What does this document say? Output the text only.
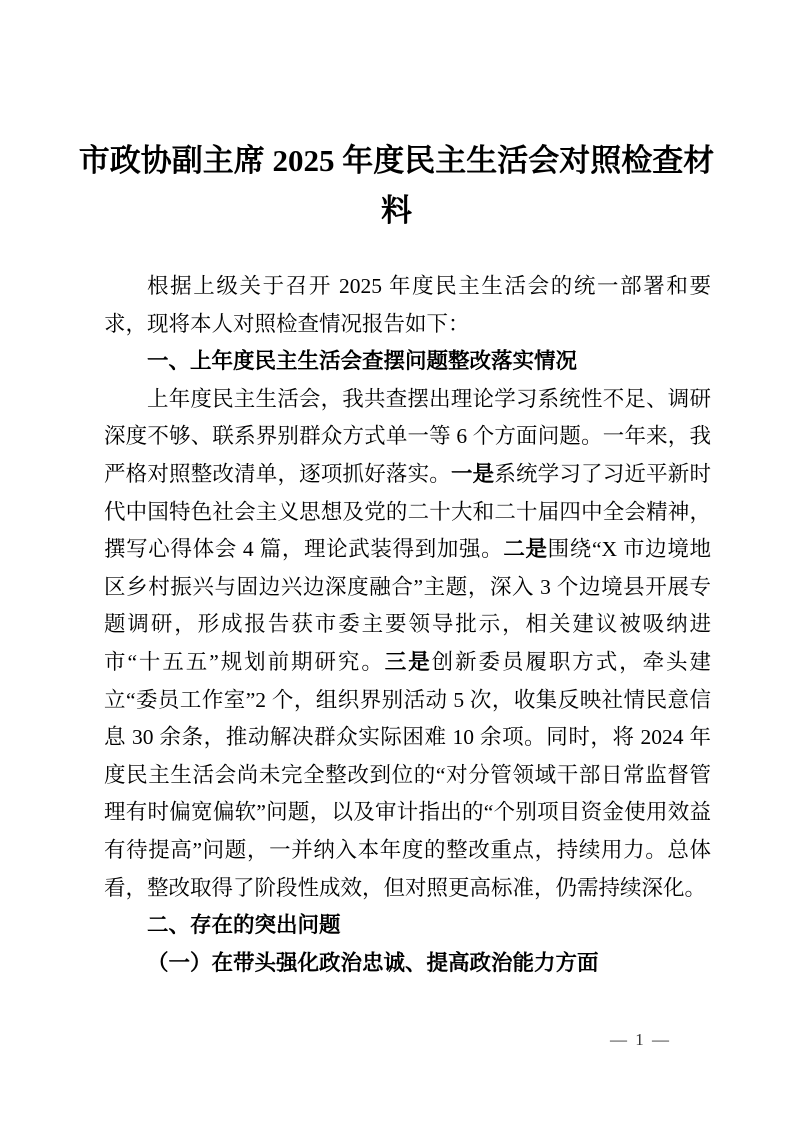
市政协副主席 2025 年度民主生活会对照检查材料

根据上级关于召开 2025 年度民主生活会的统一部署和要求，现将本人对照检查情况报告如下：

一、上年度民主生活会查摆问题整改落实情况

上年度民主生活会，我共查摆出理论学习系统性不足、调研深度不够、联系界别群众方式单一等 6 个方面问题。一年来，我严格对照整改清单，逐项抓好落实。一是系统学习了习近平新时代中国特色社会主义思想及党的二十大和二十届四中全会精神，撰写心得体会 4 篇，理论武装得到加强。二是围绕“X 市边境地区乡村振兴与固边兴边深度融合”主题，深入 3 个边境县开展专题调研，形成报告获市委主要领导批示，相关建议被吸纳进市“十五五”规划前期研究。三是创新委员履职方式，牵头建立“委员工作室”2 个，组织界别活动 5 次，收集反映社情民意信息 30 余条，推动解决群众实际困难 10 余项。同时，将 2024 年度民主生活会尚未完全整改到位的“对分管领域干部日常监督管理有时偏宽偏软”问题，以及审计指出的“个别项目资金使用效益有待提高”问题，一并纳入本年度的整改重点，持续用力。总体看，整改取得了阶段性成效，但对照更高标准，仍需持续深化。

二、存在的突出问题
（一）在带头强化政治忠诚、提高政治能力方面
— 1 —
